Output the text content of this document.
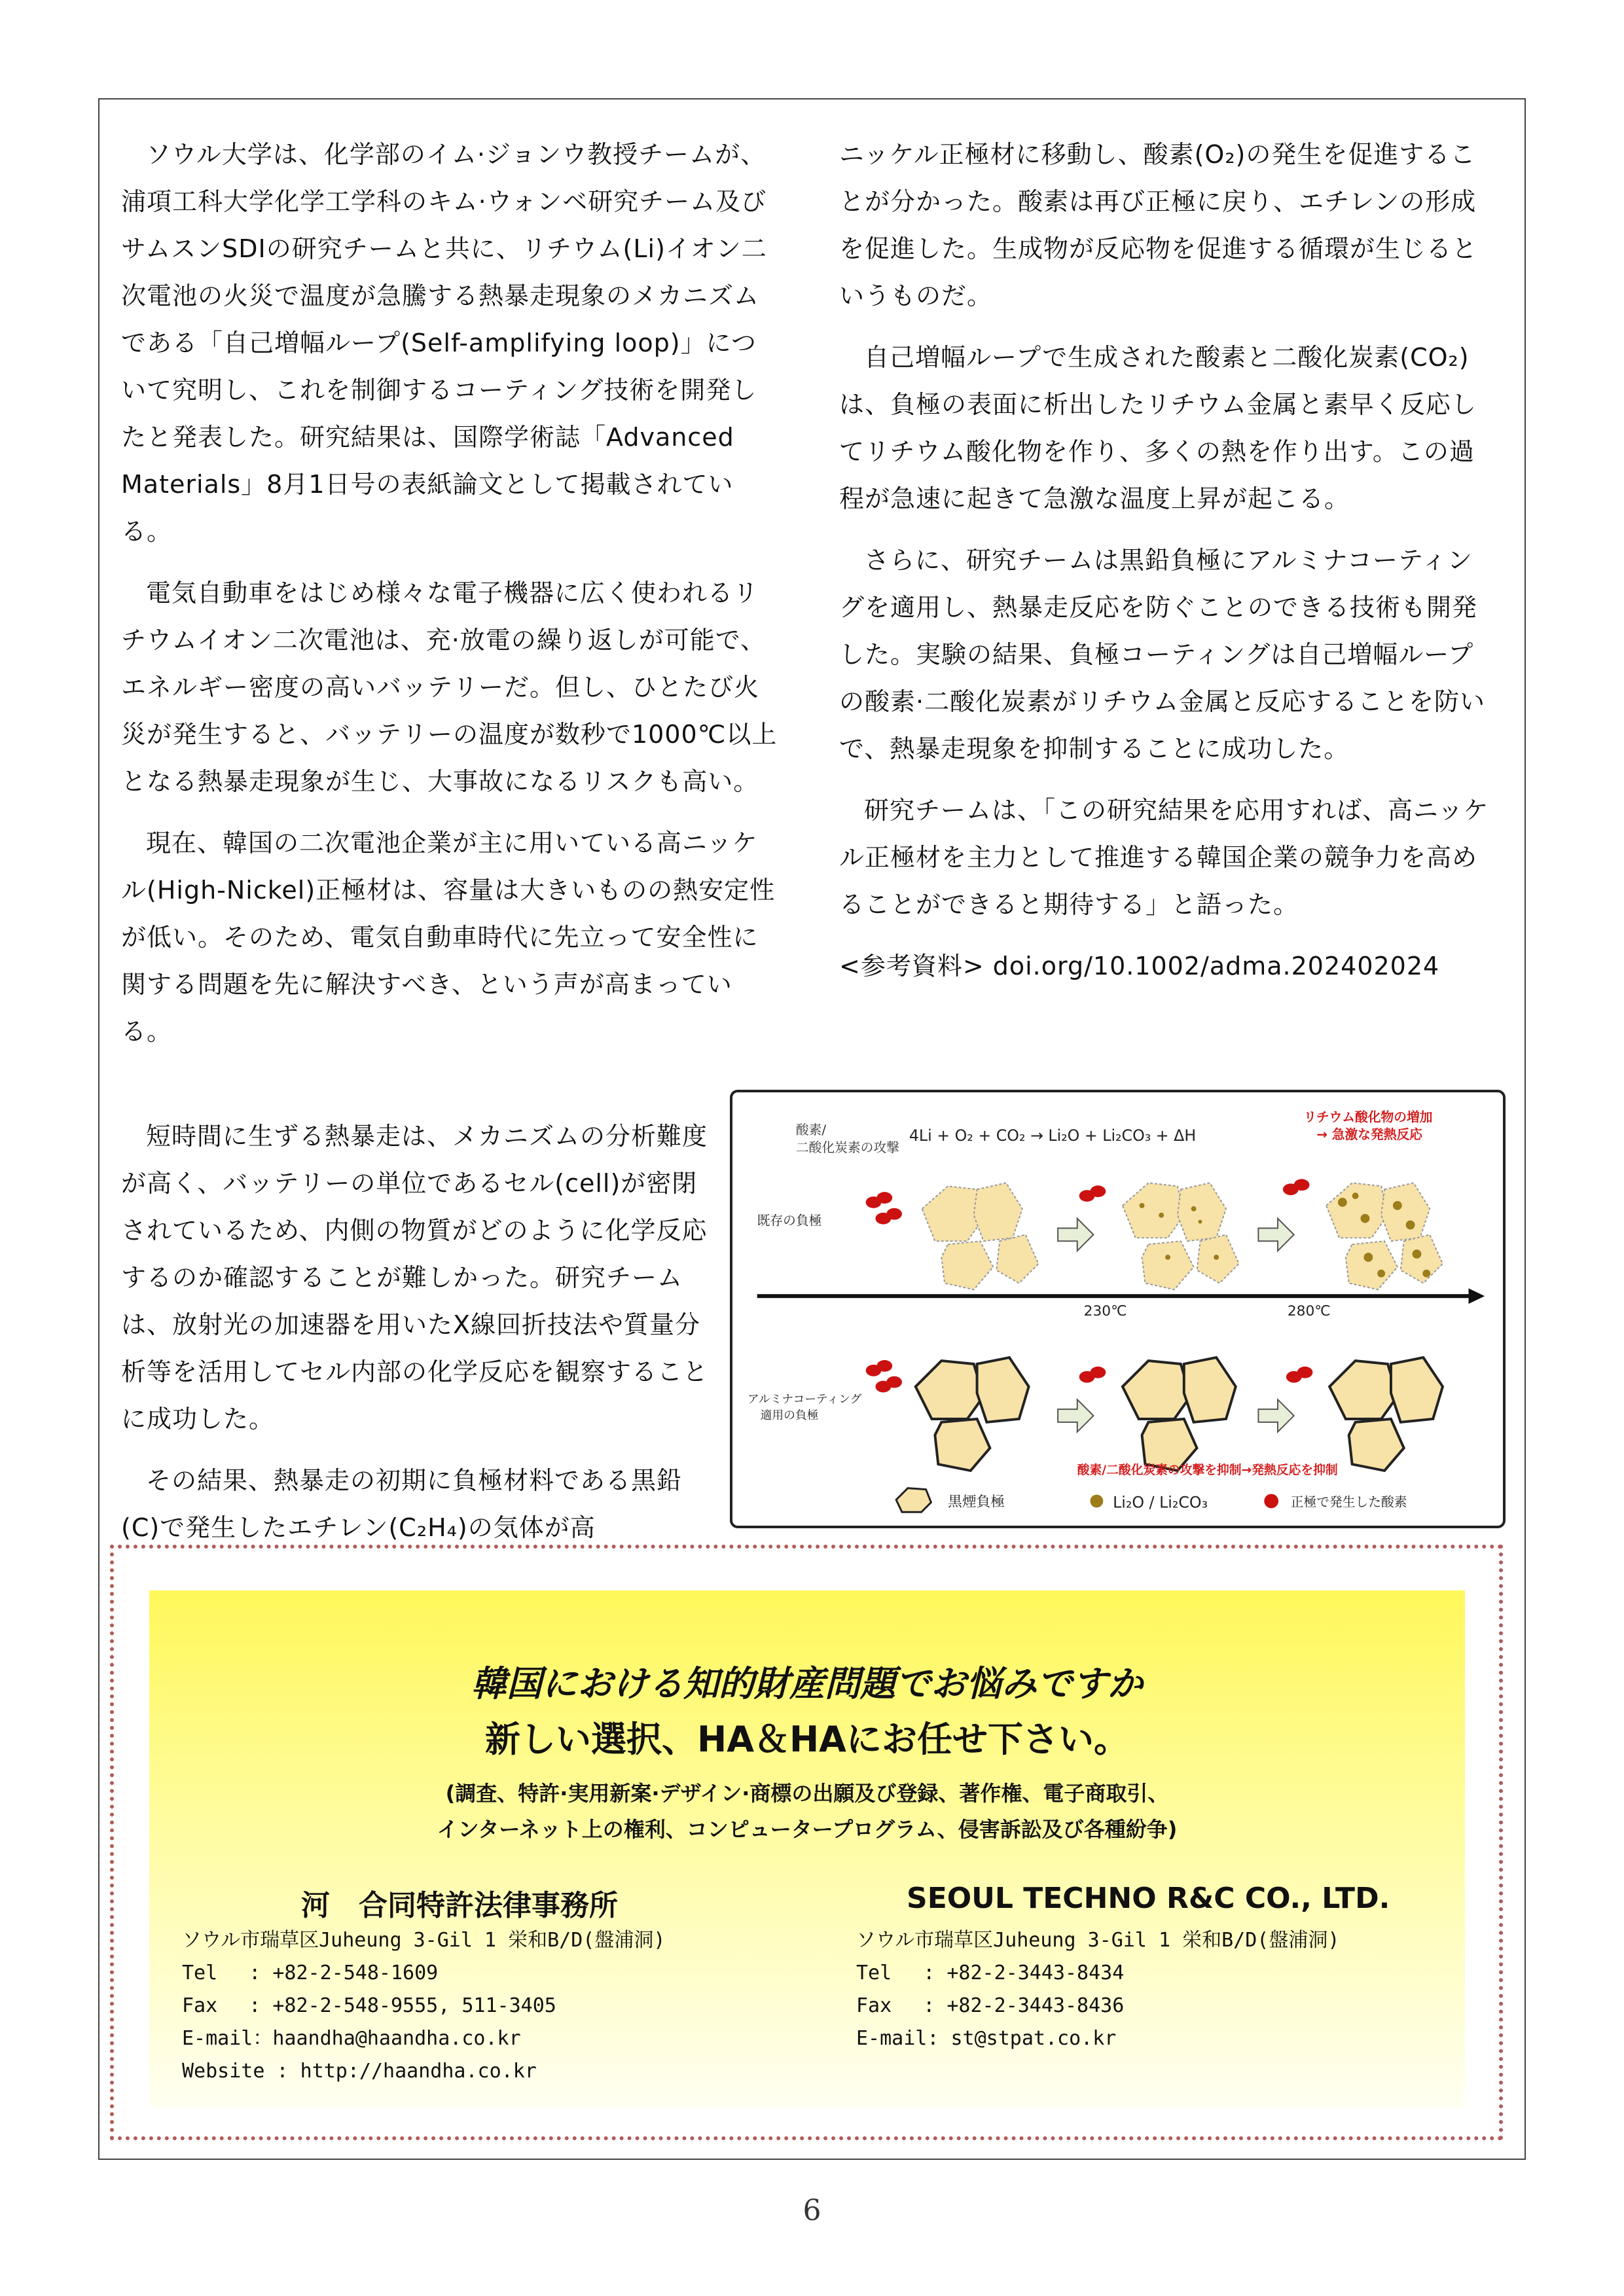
ソウル大学は、化学部のイム·ジョンウ教授チームが、浦項工科大学化学工学科のキム·ウォンベ研究チーム及びサムスンSDIの研究チームと共に、リチウム(Li)イオン二次電池の火災で温度が急騰する熱暴走現象のメカニズムである「自己増幅ループ(Self-amplifying loop)」について究明し、これを制御するコーティング技術を開発したと発表した。研究結果は、国際学術誌「Advanced Materials」8月1日号の表紙論文として掲載されている。

電気自動車をはじめ様々な電子機器に広く使われるリチウムイオン二次電池は、充·放電の繰り返しが可能で、エネルギー密度の高いバッテリーだ。但し、ひとたび火災が発生すると、バッテリーの温度が数秒で1000℃以上となる熱暴走現象が生じ、大事故になるリスクも高い。

現在、韓国の二次電池企業が主に用いている高ニッケル(High-Nickel)正極材は、容量は大きいものの熱安定性が低い。そのため、電気自動車時代に先立って安全性に関する問題を先に解決すべき、という声が高まっている。

短時間に生ずる熱暴走は、メカニズムの分析難度が高く、バッテリーの単位であるセル(cell)が密閉されているため、内側の物質がどのように化学反応するのか確認することが難しかった。研究チームは、放射光の加速器を用いたX線回折技法や質量分析等を活用してセル内部の化学反応を観察することに成功した。

その結果、熱暴走の初期に負極材料である黒鉛(C)で発生したエチレン(C₂H₄)の気体が高

ニッケル正極材に移動し、酸素(O₂)の発生を促進することが分かった。酸素は再び正極に戻り、エチレンの形成を促進した。生成物が反応物を促進する循環が生じるというものだ。

自己増幅ループで生成された酸素と二酸化炭素(CO₂)は、負極の表面に析出したリチウム金属と素早く反応してリチウム酸化物を作り、多くの熱を作り出す。この過程が急速に起きて急激な温度上昇が起こる。

さらに、研究チームは黒鉛負極にアルミナコーティングを適用し、熱暴走反応を防ぐことのできる技術も開発した。実験の結果、負極コーティングは自己増幅ループの酸素·二酸化炭素がリチウム金属と反応することを防いで、熱暴走現象を抑制することに成功した。

研究チームは、「この研究結果を応用すれば、高ニッケル正極材を主力として推進する韓国企業の競争力を高めることができると期待する」と語った。

<参考資料> doi.org/10.1002/adma.202402024
酸素/
二酸化炭素の攻撃
4Li + O₂ + CO₂ → Li₂O + Li₂CO₃ + ΔH
リチウム酸化物の増加
→ 急激な発熱反応
既存の負極
230℃	280℃
アルミナコーティング
適用の負極
酸素/二酸化炭素の攻撃を抑制→発熱反応を抑制
黒煙負極	Li₂O / Li₂CO₃	正極で発生した酸素
韓国における知的財産問題でお悩みですか
新しい選択、HA＆HAにお任せ下さい。
(調査、特許·実用新案·デザイン·商標の出願及び登録、著作権、電子商取引、
インターネット上の権利、コンピュータープログラム、侵害訴訟及び各種紛争)
河　合同特許法律事務所	SEOUL TECHNO R&C CO., LTD.
ソウル市瑞草区Juheung 3-Gil 1 栄和B/D(盤浦洞)
Tel　 : +82-2-548-1609
Fax　 : +82-2-548-9555, 511-3405
E-mail：haandha@haandha.co.kr
Website : http://haandha.co.kr
ソウル市瑞草区Juheung 3-Gil 1 栄和B/D(盤浦洞)
Tel　 : +82-2-3443-8434
Fax　 : +82-2-3443-8436
E-mail: st@stpat.co.kr
6
